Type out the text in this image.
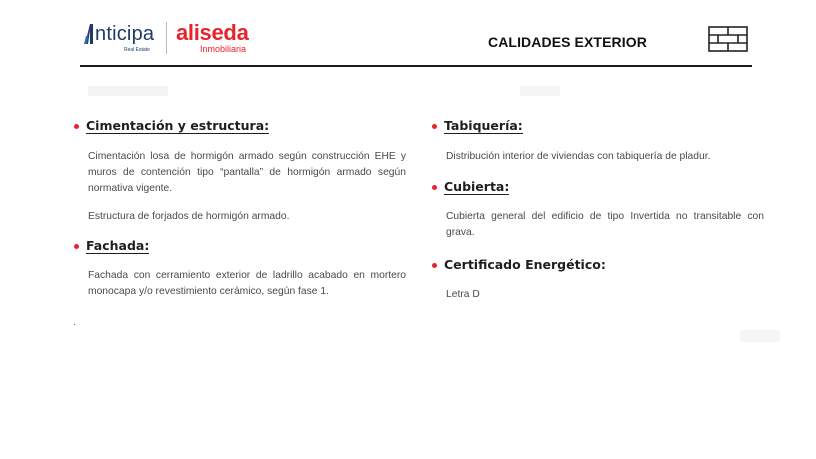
nticipa
Real Estate
aliseda
Inmobiliaria	CALIDADES EXTERIOR
Cimentación y estructura:

Cimentación losa de hormigón armado según construcción EHE y muros de contención tipo “pantalla” de hormigón armado según normativa vigente.

Estructura de forjados de hormigón armado.

Fachada:

Fachada con cerramiento exterior de ladrillo acabado en mortero monocapa y/o revestimiento cerámico, según fase 1.

Tabiquería:

Distribución interior de viviendas con tabiquería de pladur.

Cubierta:

Cubierta general del edificio de tipo Invertida no transitable con grava.

Certificado Energético:

Letra D
